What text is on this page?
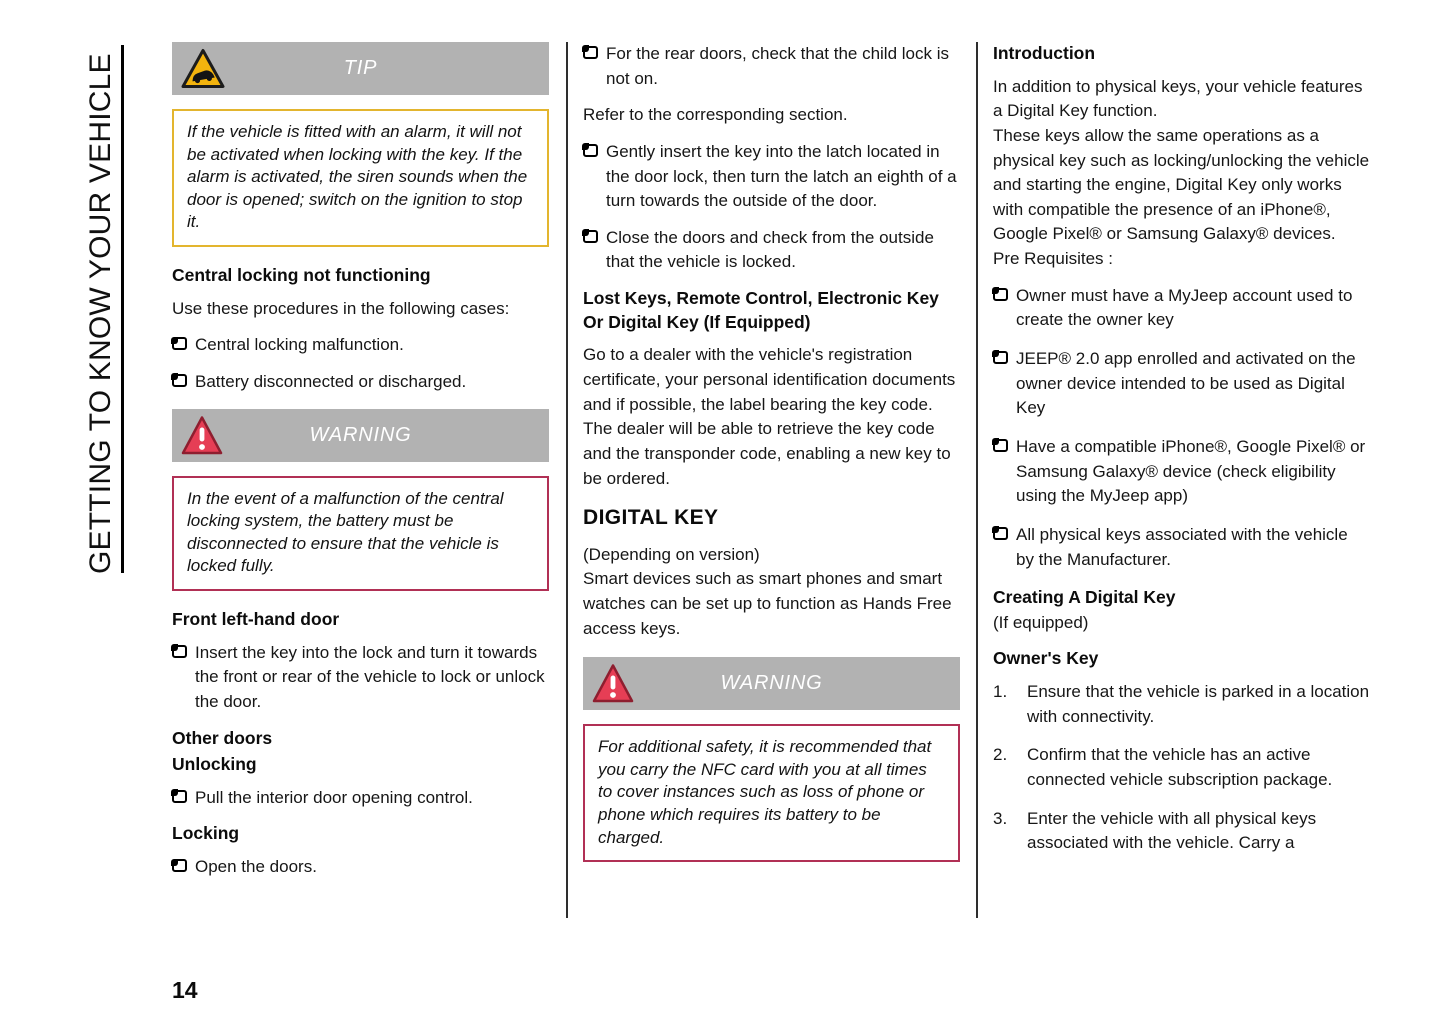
GETTING TO KNOW YOUR VEHICLE	TIP
If the vehicle is fitted with an alarm, it will not be activated when locking with the key. If the alarm is activated, the siren sounds when the door is opened; switch on the ignition to stop it.
Central locking not functioning

Use these procedures in the following cases:

Central locking malfunction.
Battery disconnected or discharged.
WARNING
In the event of a malfunction of the central locking system, the battery must be disconnected to ensure that the vehicle is locked fully.
Front left-hand door
Insert the key into the lock and turn it towards the front or rear of the vehicle to lock or unlock the door.
Other doors
Unlocking
Pull the interior door opening control.
Locking
Open the doors.
For the rear doors, check that the child lock is not on.

Refer to the corresponding section.

Gently insert the key into the latch located in the door lock, then turn the latch an eighth of a turn towards the outside of the door.
Close the doors and check from the outside that the vehicle is locked.
Lost Keys, Remote Control, Electronic Key Or Digital Key (If Equipped)

Go to a dealer with the vehicle's registration certificate, your personal identification documents and if possible, the label bearing the key code.

The dealer will be able to retrieve the key code and the transponder code, enabling a new key to be ordered.

DIGITAL KEY

(Depending on version)

Smart devices such as smart phones and smart watches can be set up to function as Hands Free access keys.

WARNING
For additional safety, it is recommended that you carry the NFC card with you at all times to cover instances such as loss of phone or phone which requires its battery to be charged.
Introduction

In addition to physical keys, your vehicle features a Digital Key function.

These keys allow the same operations as a physical key such as locking/unlocking the vehicle and starting the engine, Digital Key only works with compatible the presence of an iPhone®, Google Pixel® or Samsung Galaxy® devices.

Pre Requisites :

Owner must have a MyJeep account used to create the owner key
JEEP® 2.0 app enrolled and activated on the owner device intended to be used as Digital Key
Have a compatible iPhone®, Google Pixel® or Samsung Galaxy® device (check eligibility using the MyJeep app)
All physical keys associated with the vehicle by the Manufacturer.
Creating A Digital Key

(If equipped)

Owner's Key
1.	Ensure that the vehicle is parked in a location with connectivity.
2.	Confirm that the vehicle has an active connected vehicle subscription package.
3.	Enter the vehicle with all physical keys associated with the vehicle. Carry a
14
